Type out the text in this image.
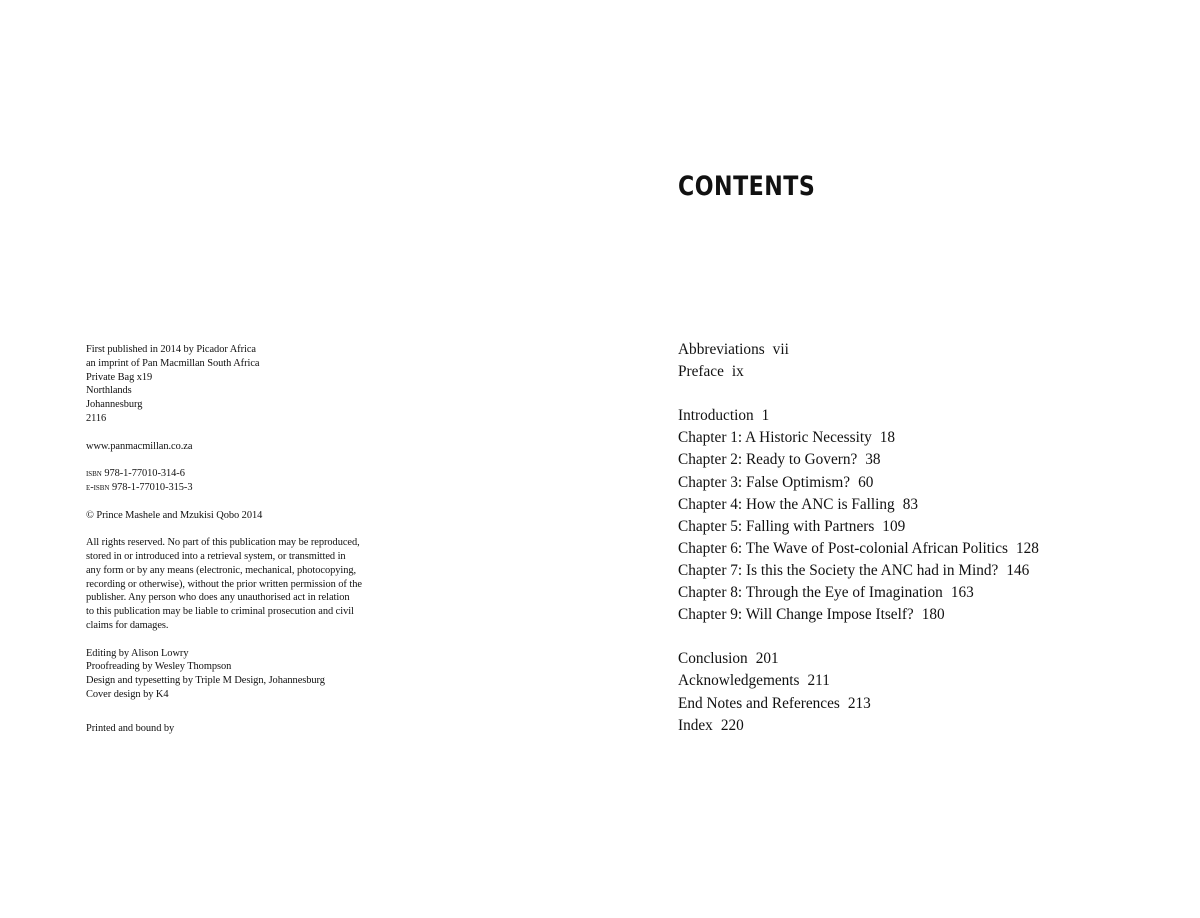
First published in 2014 by Picador Africa
an imprint of Pan Macmillan South Africa
Private Bag x19
Northlands
Johannesburg
2116
www.panmacmillan.co.za
isbn 978-1-77010-314-6
e-isbn 978-1-77010-315-3
© Prince Mashele and Mzukisi Qobo 2014
All rights reserved. No part of this publication may be reproduced,
stored in or introduced into a retrieval system, or transmitted in
any form or by any means (electronic, mechanical, photocopying,
recording or otherwise), without the prior written permission of the
publisher. Any person who does any unauthorised act in relation
to this publication may be liable to criminal prosecution and civil
claims for damages.
Editing by Alison Lowry
Proofreading by Wesley Thompson
Design and typesetting by Triple M Design, Johannesburg
Cover design by K4
Printed and bound by
CONTENTS
Abbreviations vii
Preface ix
Introduction 1
Chapter 1: A Historic Necessity 18
Chapter 2: Ready to Govern? 38
Chapter 3: False Optimism? 60
Chapter 4: How the ANC is Falling 83
Chapter 5: Falling with Partners 109
Chapter 6: The Wave of Post-colonial African Politics 128
Chapter 7: Is this the Society the ANC had in Mind? 146
Chapter 8: Through the Eye of Imagination 163
Chapter 9: Will Change Impose Itself? 180
Conclusion 201
Acknowledgements 211
End Notes and References 213
Index 220
